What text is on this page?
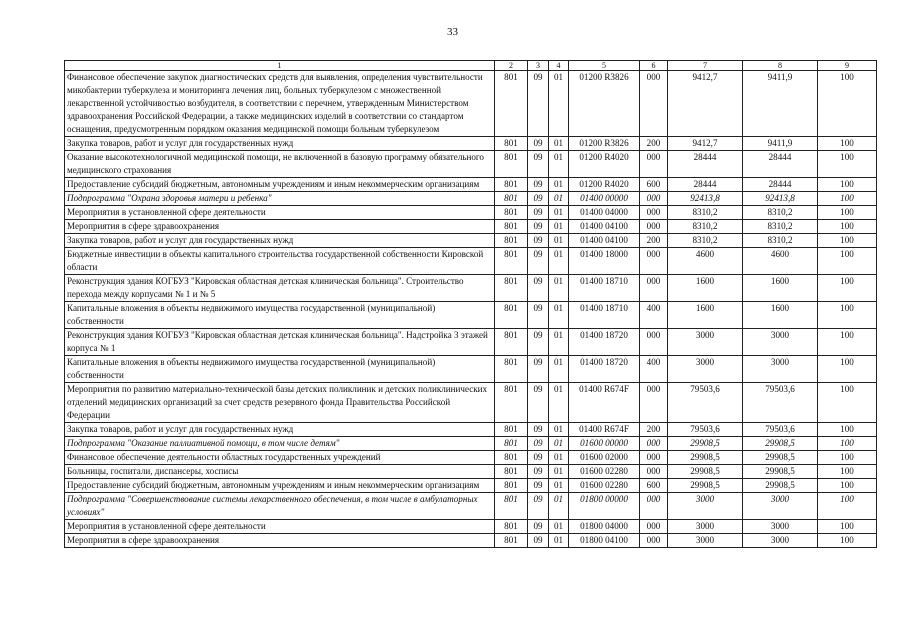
33
1	2	3	4	5	6	7	8	9
Финансовое обеспечение закупок диагностических средств для выявления, определения чувствительности микобактерии туберкулеза и мониторинга лечения лиц, больных туберкулезом с множественной лекарственной устойчивостью возбудителя, в соответствии с перечнем, утвержденным Министерством здравоохранения Российской Федерации, а также медицинских изделий в соответствии со стандартом оснащения, предусмотренным порядком оказания медицинской помощи больным туберкулезом	801	09	01	01200 R3826	000	9412,7	9411,9	100
Закупка товаров, работ и услуг для государственных нужд	801	09	01	01200 R3826	200	9412,7	9411,9	100
Оказание высокотехнологичной медицинской помощи, не включенной в базовую программу обязательного медицинского страхования	801	09	01	01200 R4020	000	28444	28444	100
Предоставление субсидий бюджетным, автономным учреждениям и иным некоммерческим организациям	801	09	01	01200 R4020	600	28444	28444	100
Подпрограмма "Охрана здоровья матери и ребенка"	801	09	01	01400 00000	000	92413,8	92413,8	100
Мероприятия в установленной сфере деятельности	801	09	01	01400 04000	000	8310,2	8310,2	100
Мероприятия в сфере здравоохранения	801	09	01	01400 04100	000	8310,2	8310,2	100
Закупка товаров, работ и услуг для государственных нужд	801	09	01	01400 04100	200	8310,2	8310,2	100
Бюджетные инвестиции в объекты капитального строительства государственной собственности Кировской области	801	09	01	01400 18000	000	4600	4600	100
Реконструкция здания КОГБУЗ "Кировская областная детская клиническая больница". Строительство перехода между корпусами № 1 и № 5	801	09	01	01400 18710	000	1600	1600	100
Капитальные вложения в объекты недвижимого имущества государственной (муниципальной) собственности	801	09	01	01400 18710	400	1600	1600	100
Реконструкция здания КОГБУЗ "Кировская областная детская клиническая больница". Надстройка 3 этажей корпуса № 1	801	09	01	01400 18720	000	3000	3000	100
Капитальные вложения в объекты недвижимого имущества государственной (муниципальной) собственности	801	09	01	01400 18720	400	3000	3000	100
Мероприятия по развитию материально-технической базы детских поликлиник и детских поликлинических отделений медицинских организаций за счет средств резервного фонда Правительства Российской Федерации	801	09	01	01400 R674F	000	79503,6	79503,6	100
Закупка товаров, работ и услуг для государственных нужд	801	09	01	01400 R674F	200	79503,6	79503,6	100
Подпрограмма "Оказание паллиативной помощи, в том числе детям"	801	09	01	01600 00000	000	29908,5	29908,5	100
Финансовое обеспечение деятельности областных государственных учреждений	801	09	01	01600 02000	000	29908,5	29908,5	100
Больницы, госпитали, диспансеры, хосписы	801	09	01	01600 02280	000	29908,5	29908,5	100
Предоставление субсидий бюджетным, автономным учреждениям и иным некоммерческим организациям	801	09	01	01600 02280	600	29908,5	29908,5	100
Подпрограмма "Совершенствование системы лекарственного обеспечения, в том числе в амбулаторных условиях"	801	09	01	01800 00000	000	3000	3000	100
Мероприятия в установленной сфере деятельности	801	09	01	01800 04000	000	3000	3000	100
Мероприятия в сфере здравоохранения	801	09	01	01800 04100	000	3000	3000	100
